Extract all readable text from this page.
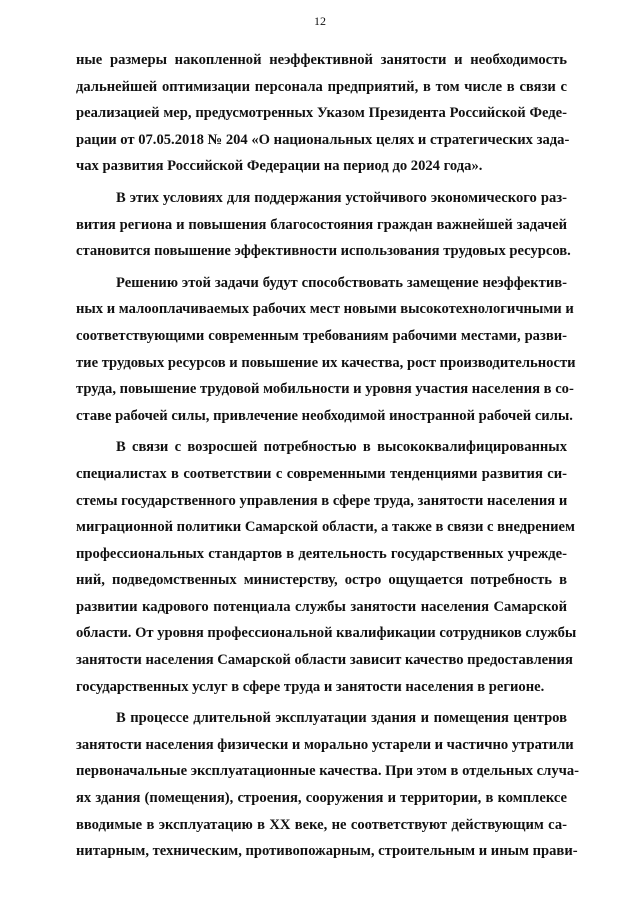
12
ные размеры накопленной неэффективной занятости и необходимость
дальнейшей оптимизации персонала предприятий, в том числе в связи с
реализацией мер, предусмотренных Указом Президента Российской Феде-
рации от 07.05.2018 № 204 «О национальных целях и стратегических зада-
чах развития Российской Федерации на период до 2024 года».
В этих условиях для поддержания устойчивого экономического раз-
вития региона и повышения благосостояния граждан важнейшей задачей
становится повышение эффективности использования трудовых ресурсов.
Решению этой задачи будут способствовать замещение неэффектив-
ных и малооплачиваемых рабочих мест новыми высокотехнологичными и
соответствующими современным требованиям рабочими местами, разви-
тие трудовых ресурсов и повышение их качества, рост производительности
труда, повышение трудовой мобильности и уровня участия населения в со-
ставе рабочей силы, привлечение необходимой иностранной рабочей силы.
В связи с возросшей потребностью в высококвалифицированных
специалистах в соответствии с современными тенденциями развития си-
стемы государственного управления в сфере труда, занятости населения и
миграционной политики Самарской области, а также в связи с внедрением
профессиональных стандартов в деятельность государственных учрежде-
ний, подведомственных министерству, остро ощущается потребность в
развитии кадрового потенциала службы занятости населения Самарской
области. От уровня профессиональной квалификации сотрудников службы
занятости населения Самарской области зависит качество предоставления
государственных услуг в сфере труда и занятости населения в регионе.
В процессе длительной эксплуатации здания и помещения центров
занятости населения физически и морально устарели и частично утратили
первоначальные эксплуатационные качества. При этом в отдельных случа-
ях здания (помещения), строения, сооружения и территории, в комплексе
вводимые в эксплуатацию в XX веке, не соответствуют действующим са-
нитарным, техническим, противопожарным, строительным и иным прави-
